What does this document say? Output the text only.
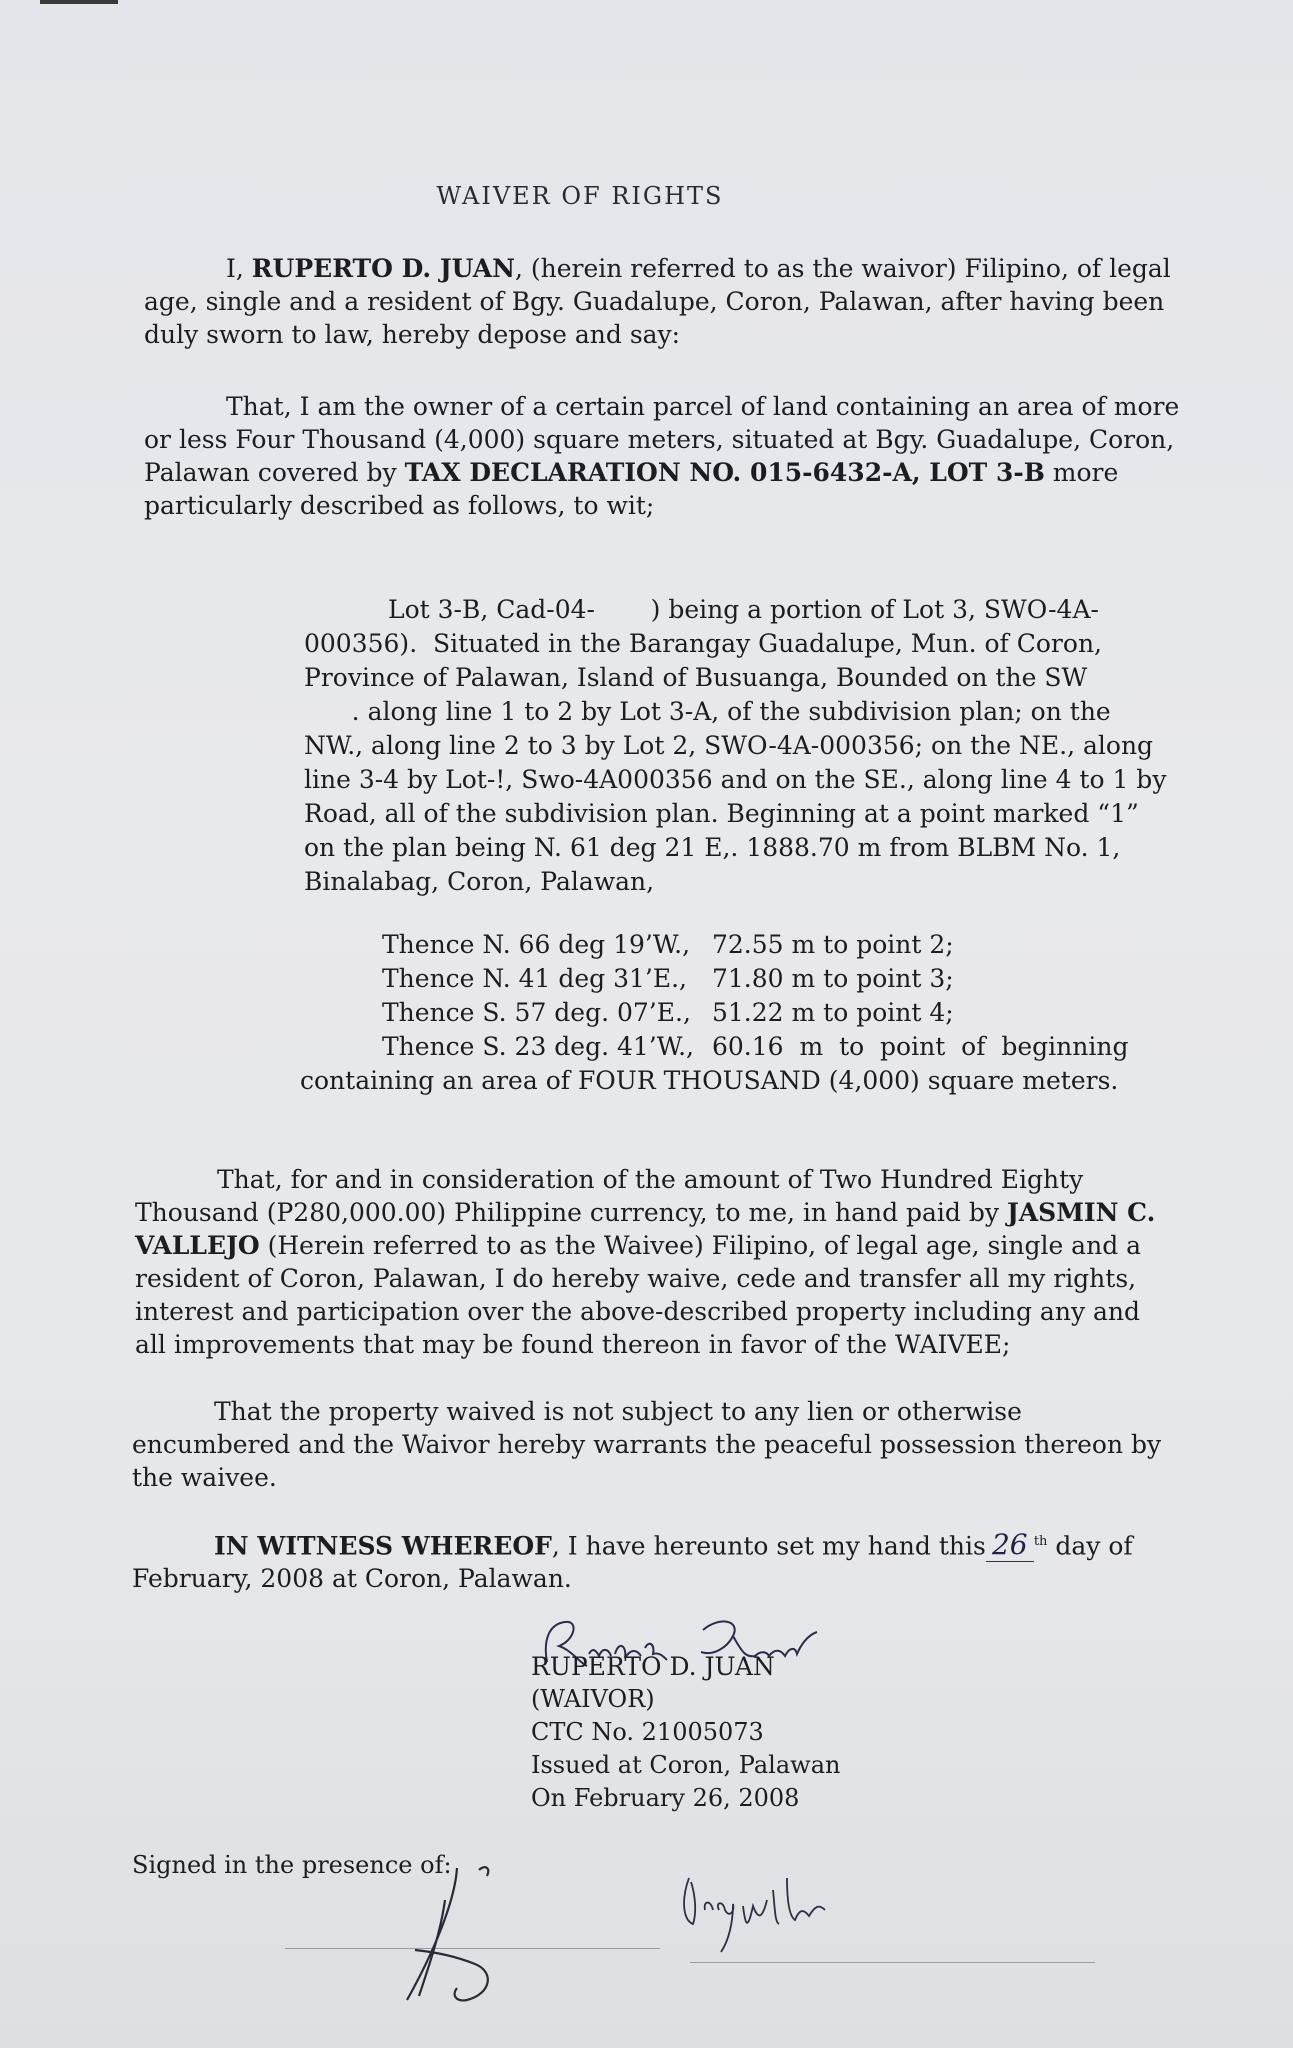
WAIVER OF RIGHTS
I, RUPERTO D. JUAN, (herein referred to as the waivor) Filipino, of legal
age, single and a resident of Bgy. Guadalupe, Coron, Palawan, after having been
duly sworn to law, hereby depose and say:
That, I am the owner of a certain parcel of land containing an area of more
or less Four Thousand (4,000) square meters, situated at Bgy. Guadalupe, Coron,
Palawan covered by TAX DECLARATION NO. 015-6432-A, LOT 3-B more
particularly described as follows, to wit;
Lot 3-B, Cad-04-       ) being a portion of Lot 3, SWO-4A-
000356).  Situated in the Barangay Guadalupe, Mun. of Coron,
Province of Palawan, Island of Busuanga, Bounded on the SW
. along line 1 to 2 by Lot 3-A, of the subdivision plan; on the
NW., along line 2 to 3 by Lot 2, SWO-4A-000356; on the NE., along
line 3-4 by Lot-!, Swo-4A000356 and on the SE., along line 4 to 1 by
Road, all of the subdivision plan. Beginning at a point marked “1”
on the plan being N. 61 deg 21 E,. 1888.70 m from BLBM No. 1,
Binalabag, Coron, Palawan,
Thence N. 66 deg 19’W., 72.55 m to point 2;
Thence N. 41 deg 31’E.,	71.80 m to point 3;
Thence S. 57 deg. 07’E., 51.22 m to point 4;
Thence S. 23 deg. 41’W., 60.16  m  to  point  of  beginning
containing an area of FOUR THOUSAND (4,000) square meters.
That, for and in consideration of the amount of Two Hundred Eighty
Thousand (P280,000.00) Philippine currency, to me, in hand paid by JASMIN C.
VALLEJO (Herein referred to as the Waivee) Filipino, of legal age, single and a
resident of Coron, Palawan, I do hereby waive, cede and transfer all my rights,
interest and participation over the above-described property including any and
all improvements that may be found thereon in favor of the WAIVEE;
That the property waived is not subject to any lien or otherwise
encumbered and the Waivor hereby warrants the peaceful possession thereon by
the waivee.
IN WITNESS WHEREOF, I have hereunto set my hand this 26 $^{th}$ day of
February, 2008 at Coron, Palawan.
RUPERTO D. JUAN
(WAIVOR)
CTC No. 21005073
Issued at Coron, Palawan
On February 26, 2008
Signed in the presence of:
